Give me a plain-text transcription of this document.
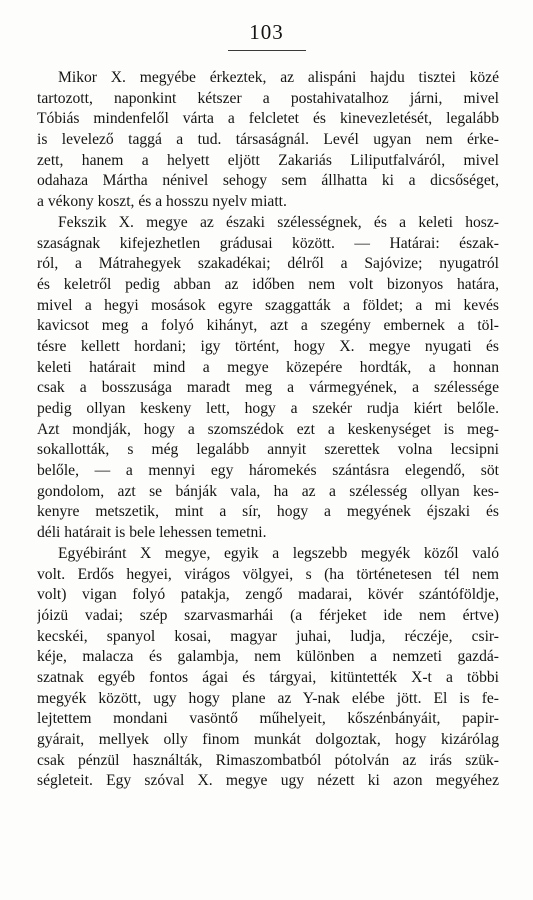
103
Mikor X. megyébe érkeztek, az alispáni hajdu tisztei közé
tartozott, naponkint kétszer a postahivatalhoz járni, mivel
Tóbiás mindenfelől várta a felcletet és kinevezletését, legalább
is levelező taggá a tud. társaságnál. Levél ugyan nem érke-
zett, hanem a helyett eljött Zakariás Liliputfalváról, mivel
odahaza Mártha nénivel sehogy sem állhatta ki a dicsőséget,
a vékony koszt, és a hosszu nyelv miatt.
Fekszik X. megye az északi szélességnek, és a keleti hosz-
szaságnak kifejezhetlen grádusai között. — Határai: észak-
ról, a Mátrahegyek szakadékai; délről a Sajóvize; nyugatról
és keletről pedig abban az időben nem volt bizonyos határa,
mivel a hegyi mosások egyre szaggatták a földet; a mi kevés
kavicsot meg a folyó kihányt, azt a szegény embernek a töl-
tésre kellett hordani; igy történt, hogy X. megye nyugati és
keleti határait mind a megye közepére hordták, a honnan
csak a bosszusága maradt meg a vármegyének, a szélessége
pedig ollyan keskeny lett, hogy a szekér rudja kiért belőle.
Azt mondják, hogy a szomszédok ezt a keskenységet is meg-
sokallották, s még legalább annyit szerettek volna lecsipni
belőle, — a mennyi egy háromekés szántásra elegendő, söt
gondolom, azt se bánják vala, ha az a szélesség ollyan kes-
kenyre metszetik, mint a sír, hogy a megyének éjszaki és
déli határait is bele lehessen temetni.
Egyébiránt X megye, egyik a legszebb megyék közől való
volt. Erdős hegyei, virágos völgyei, s (ha történetesen tél nem
volt) vigan folyó patakja, zengő madarai, kövér szántóföldje,
jóizü vadai; szép szarvasmarhái (a férjeket ide nem értve)
kecskéi, spanyol kosai, magyar juhai, ludja, réczéje, csir-
kéje, malacza és galambja, nem különben a nemzeti gazdá-
szatnak egyéb fontos ágai és tárgyai, kitüntették X-t a többi
megyék között, ugy hogy plane az Y-nak elébe jött. El is fe-
lejtettem mondani vasöntő műhelyeit, kőszénbányáit, papir-
gyárait, mellyek olly finom munkát dolgoztak, hogy kizárólag
csak pénzül használták, Rimaszombatból pótolván az irás szük-
ségleteit. Egy szóval X. megye ugy nézett ki azon megyéhez
